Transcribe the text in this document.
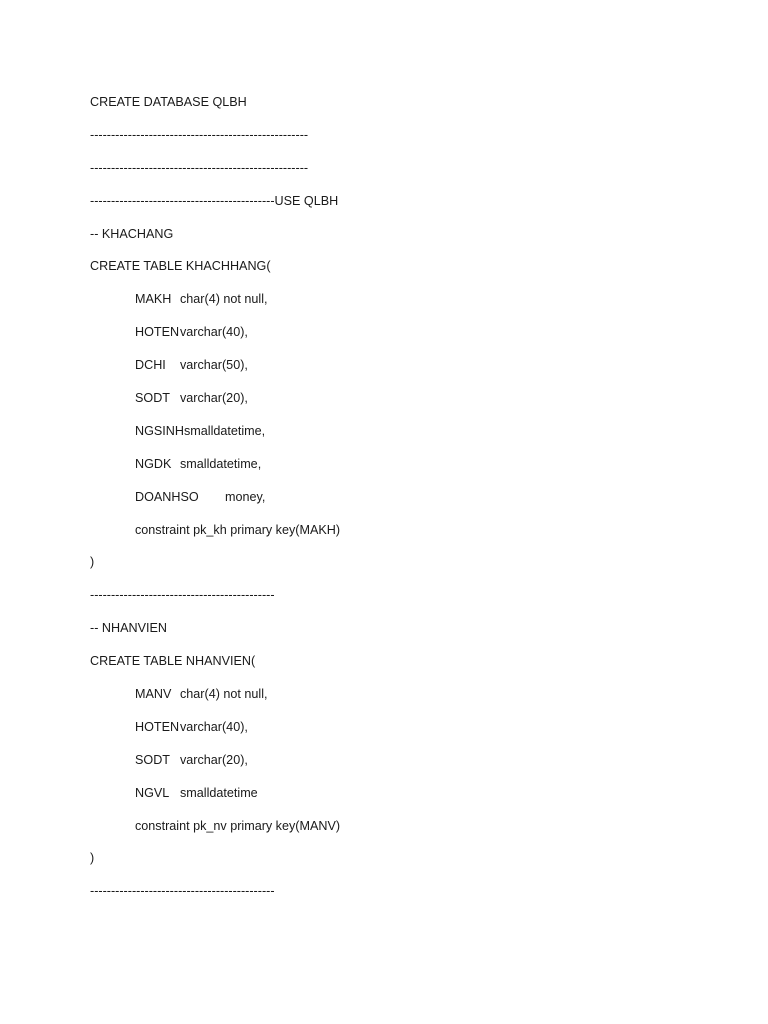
CREATE DATABASE QLBH
----------------------------------------------------
----------------------------------------------------
--------------------------------------------USE QLBH
-- KHACHANG
CREATE TABLE KHACHHANG(
MAKH char(4) not null,
HOTENvarchar(40),
DCHI varchar(50),
SODT varchar(20),
NGSINHsmalldatetime,
NGDK smalldatetime,
DOANHSO money,
constraint pk_kh primary key(MAKH)
)
--------------------------------------------
-- NHANVIEN
CREATE TABLE NHANVIEN(
MANV char(4) not null,
HOTENvarchar(40),
SODT varchar(20),
NGVL smalldatetime
constraint pk_nv primary key(MANV)
)
--------------------------------------------
